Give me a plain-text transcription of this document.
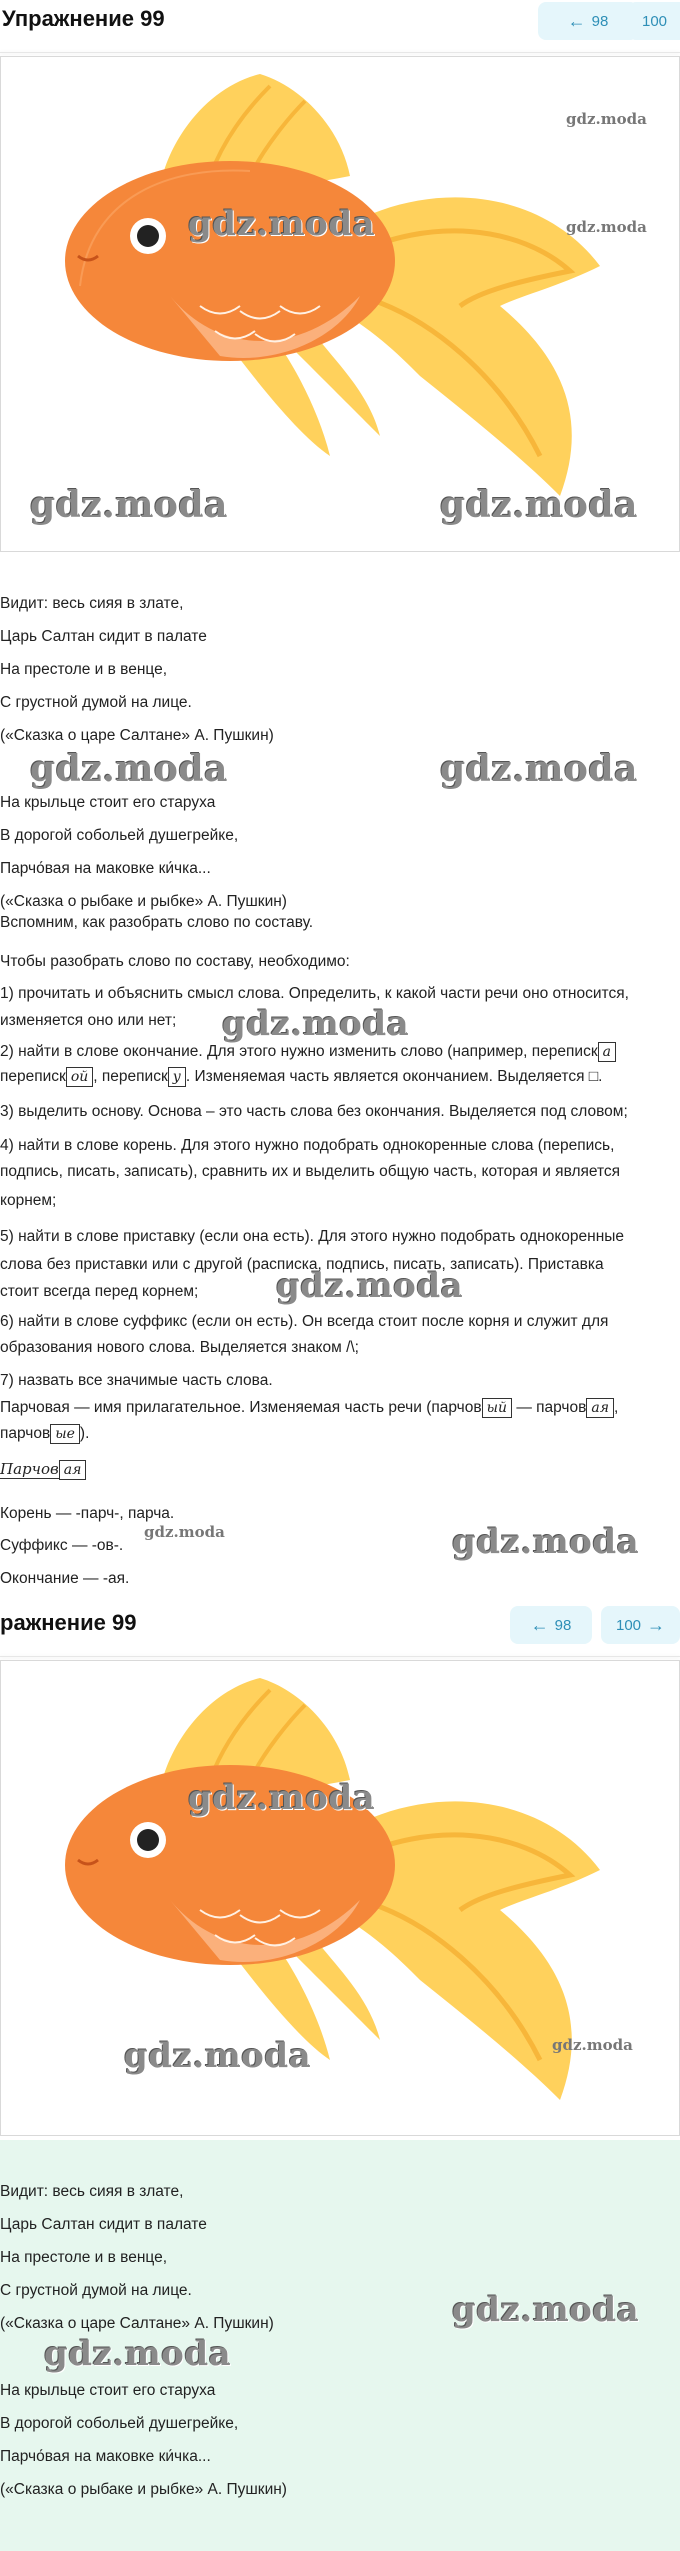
Упражнение 99	← 98 100
gdz.moda
gdz.moda
gdz.moda
gdz.moda	gdz.moda
Видит: весь сияя в злате,
Царь Салтан сидит в палате
На престоле и в венце,
С грустной думой на лице.
(«Сказка о царе Салтане» А. Пушкин)
gdz.moda	gdz.moda
На крыльце стоит его старуха
В дорогой собольей душегрейке,
Парчо́вая на маковке ки́чка...
(«Сказка о рыбаке и рыбке» А. Пушкин)
Вспомним, как разобрать слово по составу.
Чтобы разобрать слово по составу, необходимо:
1) прочитать и объяснить смысл слова. Определить, к какой части речи оно относится,
изменяется оно или нет; gdz.moda
2) найти в слове окончание. Для этого нужно изменить слово (например, переписк а
переписк ой , переписк у . Изменяемая часть является окончанием. Выделяется □.
3) выделить основу. Основа – это часть слова без окончания. Выделяется под словом;
4) найти в слове корень. Для этого нужно подобрать однокоренные слова (перепись,
подпись, писать, записать), сравнить их и выделить общую часть, которая и является
корнем;
5) найти в слове приставку (если она есть). Для этого нужно подобрать однокоренные
слова без приставки или с другой (расписка, подпись, писать, записать). Приставка
стоит всегда перед корнем; gdz.moda
6) найти в слове суффикс (если он есть). Он всегда стоит после корня и служит для
образования нового слова. Выделяется знаком /\;
7) назвать все значимые часть слова.
Парчовая — имя прилагательное. Изменяемая часть речи (парчов ый — парчов ая ,
парчов ые ).
Парчов ая
Корень — -парч-, парча.
gdz.moda
Суффикс — -ов-.	gdz.moda
Окончание — -ая.
ражнение 99	← 98	100 →
gdz.moda
gdz.moda	gdz.moda
Видит: весь сияя в злате,
Царь Салтан сидит в палате
На престоле и в венце,
С грустной думой на лице.
(«Сказка о царе Салтане» А. Пушкин)	gdz.moda
gdz.moda
На крыльце стоит его старуха
В дорогой собольей душегрейке,
Парчо́вая на маковке ки́чка...
(«Сказка о рыбаке и рыбке» А. Пушкин)
